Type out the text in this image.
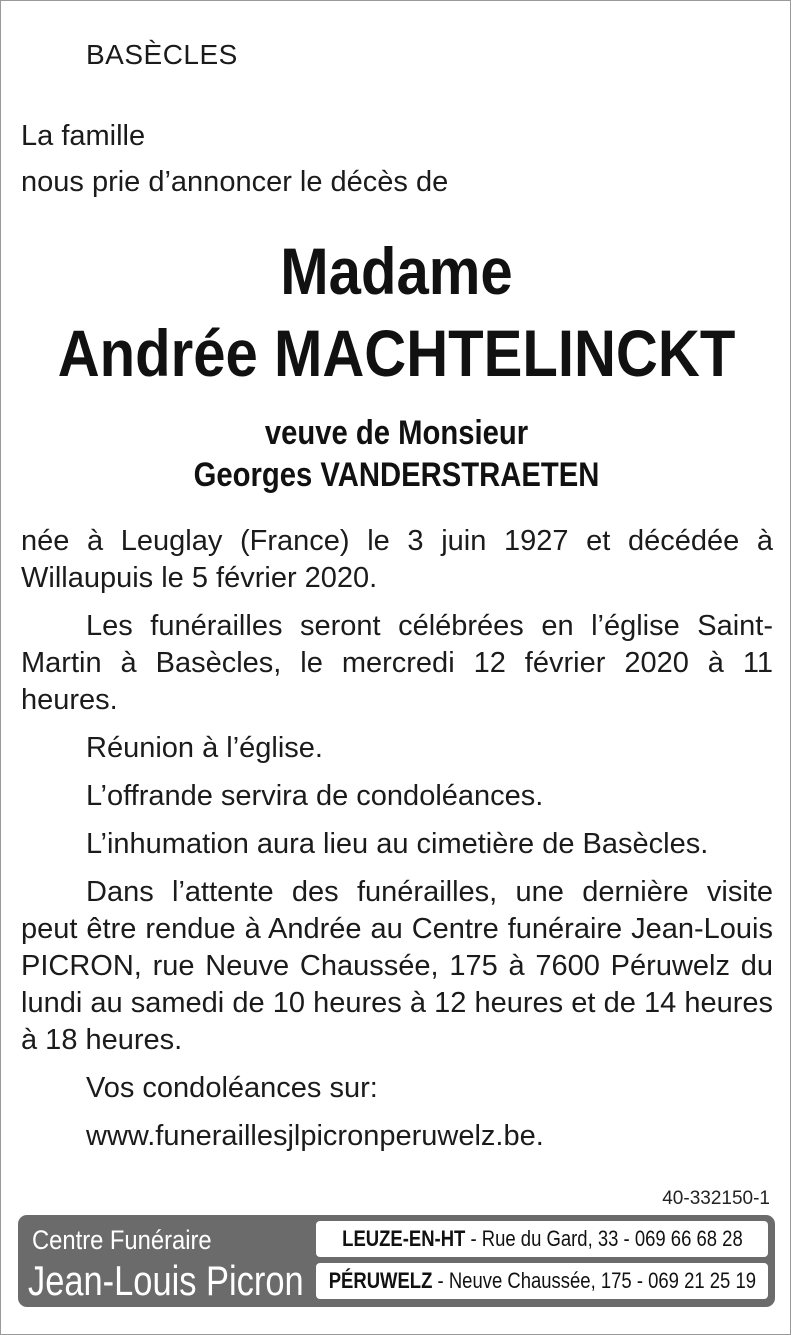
BASÈCLES
La famille
nous prie d’annoncer le décès de
Madame
Andrée MACHTELINCKT
veuve de Monsieur
Georges VANDERSTRAETEN

née à Leuglay (France) le 3 juin 1927 et décédée à Willaupuis le 5 février 2020.

Les funérailles seront célébrées en l’église Saint-Martin à Basècles, le mercredi 12 février 2020 à 11 heures.

Réunion à l’église.

L’offrande servira de condoléances.

L’inhumation aura lieu au cimetière de Basècles.

Dans l’attente des funérailles, une dernière visite peut être rendue à Andrée au Centre funéraire Jean-Louis PICRON, rue Neuve Chaussée, 175 à 7600 Péruwelz du lundi au samedi de 10 heures à 12 heures et de 14 heures à 18 heures.

Vos condoléances sur:

www.funeraillesjlpicronperuwelz.be.

40-332150-1
Centre Funéraire
Jean-Louis Picron
LEUZE-EN-HT - Rue du Gard, 33 - 069 66 68 28
PÉRUWELZ - Neuve Chaussée, 175 - 069 21 25 19
